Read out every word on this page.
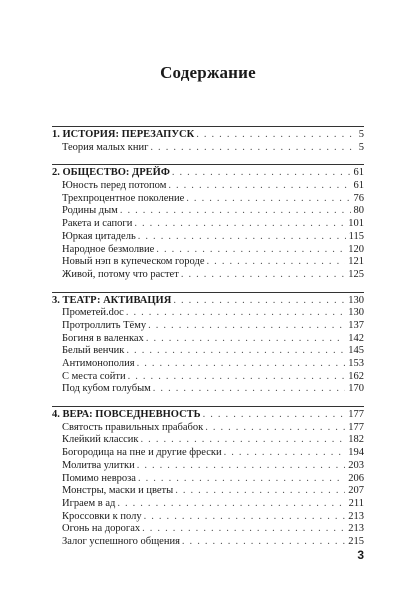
Содержание
1. ИСТОРИЯ: ПЕРЕЗАПУСК . . .	5
Теория малых книг . . .	5
2. ОБЩЕСТВО: ДРЕЙФ . . .	61
Юность перед потопом . . .	61
Трехпроцентное поколение . . .	76
Родины дым . . .	80
Ракета и сапоги . . .	101
Юркая цитадель . . .	115
Народное безмолвие . . .	120
Новый нэп в купеческом городе . . .	121
Живой, потому что растет . . .	125
3. ТЕАТР: АКТИВАЦИЯ . . .	130
Прометей.doc . . .	130
Протроллить Тёму . . .	137
Богиня в валенках . . .	142
Белый венчик . . .	145
Антимонополия . . .	153
С места сойти . . .	162
Под кубом голубым . . .	170
4. ВЕРА: ПОВСЕДНЕВНОСТЬ . . .	177
Святость правильных прабабок . . .	177
Клейкий классик . . .	182
Богородица на пне и другие фрески . . .	194
Молитва улитки . . .	203
Помимо невроза . . .	206
Монстры, маски и цветы . . .	207
Играем в ад . . .	211
Кроссовки к полу . . .	213
Огонь на дорогах . . .	213
Залог успешного общения . . .	215
3
